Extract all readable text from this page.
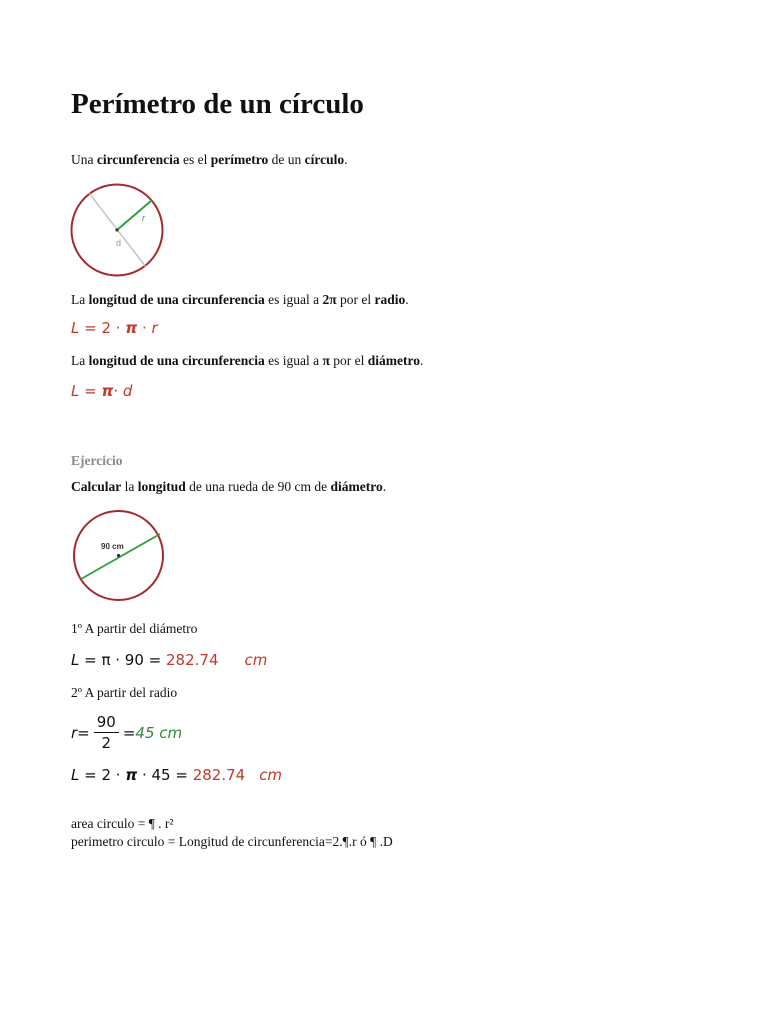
Perímetro de un círculo
Una circunferencia es el perímetro de un círculo.
r
d
La longitud de una circunferencia es igual a 2π por el radio.
L = 2 · π · r
La longitud de una circunferencia es igual a π por el diámetro.
L = π· d
Ejercicio
Calcular la longitud de una rueda de 90 cm de diámetro.
90 cm
1º A partir del diámetro
L = π · 90 = 282.74 cm
2º A partir del radio
$r = \frac{90}{2} = 45$ cm
L = 2 · π · 45 = 282.74 cm
area circulo = ¶ . r²
perimetro circulo = Longitud de circunferencia=2.¶.r ó ¶ .D
